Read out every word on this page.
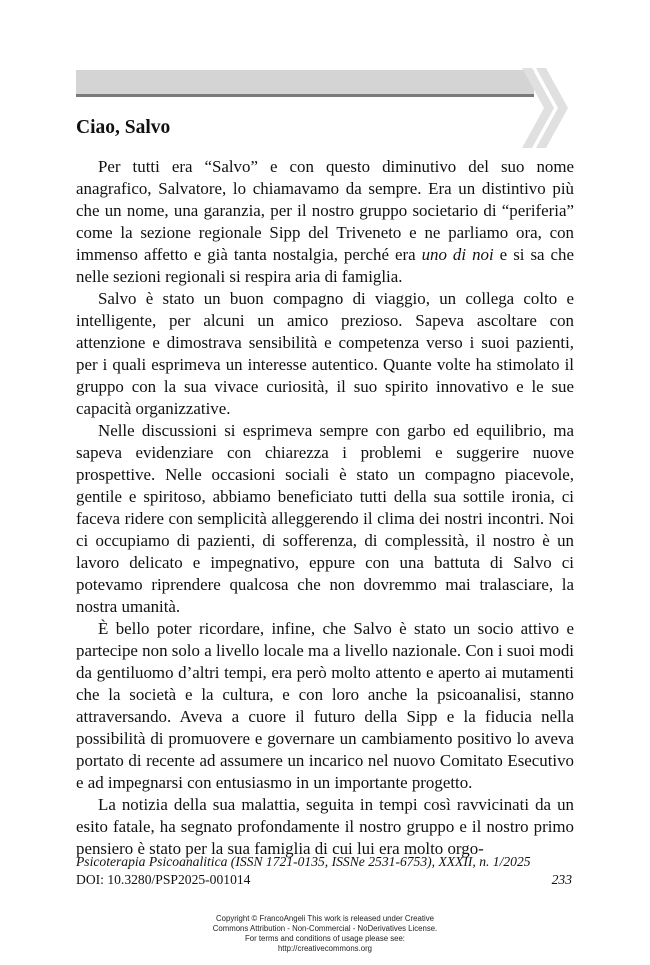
Ciao, Salvo

Per tutti era “Salvo” e con questo diminutivo del suo nome anagrafico, Salvatore, lo chiamavamo da sempre. Era un distintivo più che un nome, una garanzia, per il nostro gruppo societario di “periferia” come la sezione regionale Sipp del Triveneto e ne parliamo ora, con immenso affetto e già tanta nostalgia, perché era uno di noi e si sa che nelle sezioni regionali si respira aria di famiglia.

Salvo è stato un buon compagno di viaggio, un collega colto e intelligente, per alcuni un amico prezioso. Sapeva ascoltare con attenzione e dimostrava sensibilità e competenza verso i suoi pazienti, per i quali esprimeva un interesse autentico. Quante volte ha stimolato il gruppo con la sua vivace curiosità, il suo spirito innovativo e le sue capacità organizzative.

Nelle discussioni si esprimeva sempre con garbo ed equilibrio, ma sapeva evidenziare con chiarezza i problemi e suggerire nuove prospettive. Nelle occasioni sociali è stato un compagno piacevole, gentile e spiritoso, abbiamo beneficiato tutti della sua sottile ironia, ci faceva ridere con semplicità alleggerendo il clima dei nostri incontri. Noi ci occupiamo di pazienti, di sofferenza, di complessità, il nostro è un lavoro delicato e impegnativo, eppure con una battuta di Salvo ci potevamo riprendere qualcosa che non dovremmo mai tralasciare, la nostra umanità.

È bello poter ricordare, infine, che Salvo è stato un socio attivo e partecipe non solo a livello locale ma a livello nazionale. Con i suoi modi da gentiluomo d’altri tempi, era però molto attento e aperto ai mutamenti che la società e la cultura, e con loro anche la psicoanalisi, stanno attraversando. Aveva a cuore il futuro della Sipp e la fiducia nella possibilità di promuovere e governare un cambiamento positivo lo aveva portato di recente ad assumere un incarico nel nuovo Comitato Esecutivo e ad impegnarsi con entusiasmo in un importante progetto.

La notizia della sua malattia, seguita in tempi così ravvicinati da un esito fatale, ha segnato profondamente il nostro gruppo e il nostro primo pensiero è stato per la sua famiglia di cui lui era molto orgo-

Psicoterapia Psicoanalitica (ISSN 1721-0135, ISSNe 2531-6753), XXXII, n. 1/2025
DOI: 10.3280/PSP2025-001014	233
Copyright © FrancoAngeli This work is released under Creative
Commons Attribution - Non-Commercial - NoDerivatives License.
For terms and conditions of usage please see:
http://creativecommons.org
